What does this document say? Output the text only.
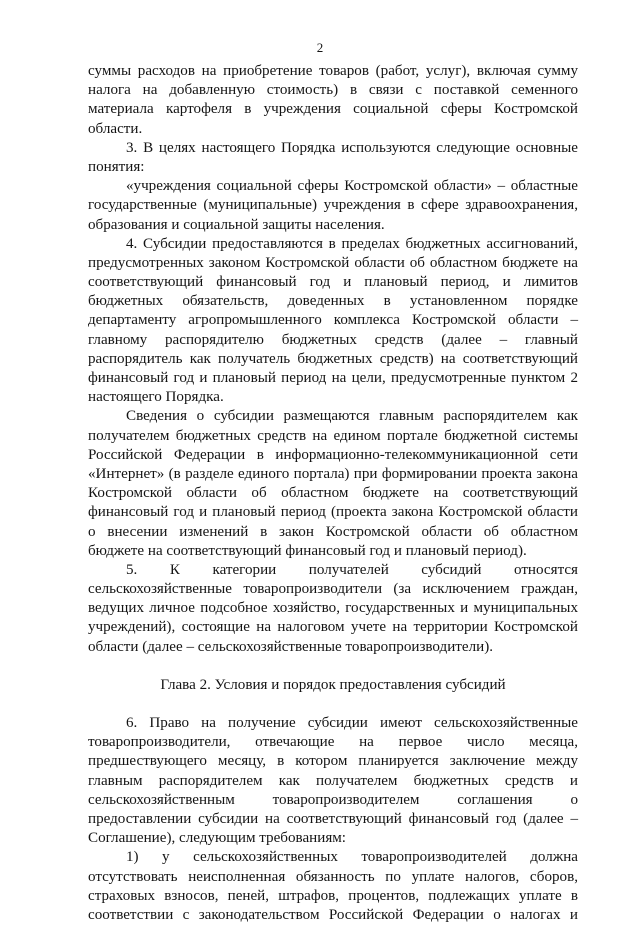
2
суммы расходов на приобретение товаров (работ, услуг), включая сумму
налога на добавленную стоимость) в связи с поставкой семенного
материала картофеля в учреждения социальной сферы Костромской
области.
3. В целях настоящего Порядка используются следующие основные
понятия:
«учреждения социальной сферы Костромской области» – областные
государственные (муниципальные) учреждения в сфере здравоохранения,
образования и социальной защиты населения.
4. Субсидии предоставляются в пределах бюджетных ассигнований,
предусмотренных законом Костромской области об областном бюджете на
соответствующий финансовый год и плановый период, и лимитов
бюджетных обязательств, доведенных в установленном порядке
департаменту агропромышленного комплекса Костромской области –
главному распорядителю бюджетных средств (далее – главный
распорядитель как получатель бюджетных средств) на соответствующий
финансовый год и плановый период на цели, предусмотренные пунктом 2
настоящего Порядка.
Сведения о субсидии размещаются главным распорядителем как
получателем бюджетных средств на едином портале бюджетной системы
Российской Федерации в информационно-телекоммуникационной сети
«Интернет» (в разделе единого портала) при формировании проекта закона
Костромской области об областном бюджете на соответствующий
финансовый год и плановый период (проекта закона Костромской области
о внесении изменений в закон Костромской области об областном
бюджете на соответствующий финансовый год и плановый период).
5. К категории получателей субсидий относятся
сельскохозяйственные товаропроизводители (за исключением граждан,
ведущих личное подсобное хозяйство, государственных и муниципальных
учреждений), состоящие на налоговом учете на территории Костромской
области (далее – сельскохозяйственные товаропроизводители).
Глава 2. Условия и порядок предоставления субсидий
6. Право на получение субсидии имеют сельскохозяйственные
товаропроизводители, отвечающие на первое число месяца,
предшествующего месяцу, в котором планируется заключение между
главным распорядителем как получателем бюджетных средств и
сельскохозяйственным товаропроизводителем соглашения о
предоставлении субсидии на соответствующий финансовый год (далее –
Соглашение), следующим требованиям:
1) у сельскохозяйственных товаропроизводителей должна
отсутствовать неисполненная обязанность по уплате налогов, сборов,
страховых взносов, пеней, штрафов, процентов, подлежащих уплате в
соответствии с законодательством Российской Федерации о налогах и
